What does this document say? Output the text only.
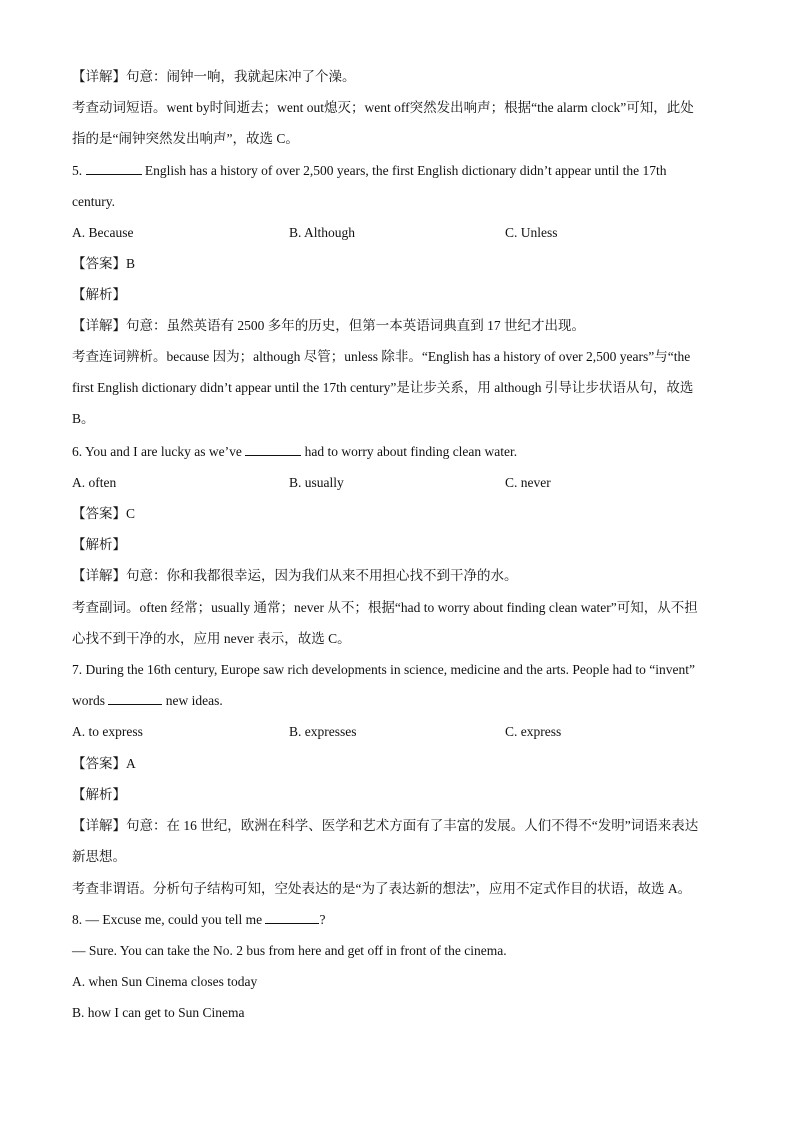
【详解】句意：闹钟一响，我就起床冲了个澡。
考查动词短语。went by时间逝去；went out熄灭；went off突然发出响声；根据“the alarm clock”可知，此处
指的是“闹钟突然发出响声”，故选 C。
5.	English has a history of over 2,500 years, the first English dictionary didn’t appear until the 17th
century.
A. Because	B. Although	C. Unless
【答案】B
【解析】
【详解】句意：虽然英语有 2500 多年的历史，但第一本英语词典直到 17 世纪才出现。
考查连词辨析。because 因为；although 尽管；unless 除非。“English has a history of over 2,500 years”与“the
first English dictionary didn’t appear until the 17th century”是让步关系，用 although 引导让步状语从句，故选
B。
6. You and I are lucky as we’ve	had to worry about finding clean water.
A. often	B. usually	C. never
【答案】C
【解析】
【详解】句意：你和我都很幸运，因为我们从来不用担心找不到干净的水。
考查副词。often 经常；usually 通常；never 从不；根据“had to worry about finding clean water”可知，从不担
心找不到干净的水，应用 never 表示，故选 C。
7. During the 16th century, Europe saw rich developments in science, medicine and the arts. People had to “invent”
words	new ideas.
A. to express	B. expresses	C. express
【答案】A
【解析】
【详解】句意：在 16 世纪，欧洲在科学、医学和艺术方面有了丰富的发展。人们不得不“发明”词语来表达
新思想。
考查非谓语。分析句子结构可知，空处表达的是“为了表达新的想法”，应用不定式作目的状语，故选 A。
8. — Excuse me, could you tell me	?
— Sure. You can take the No. 2 bus from here and get off in front of the cinema.
A. when Sun Cinema closes today
B. how I can get to Sun Cinema
